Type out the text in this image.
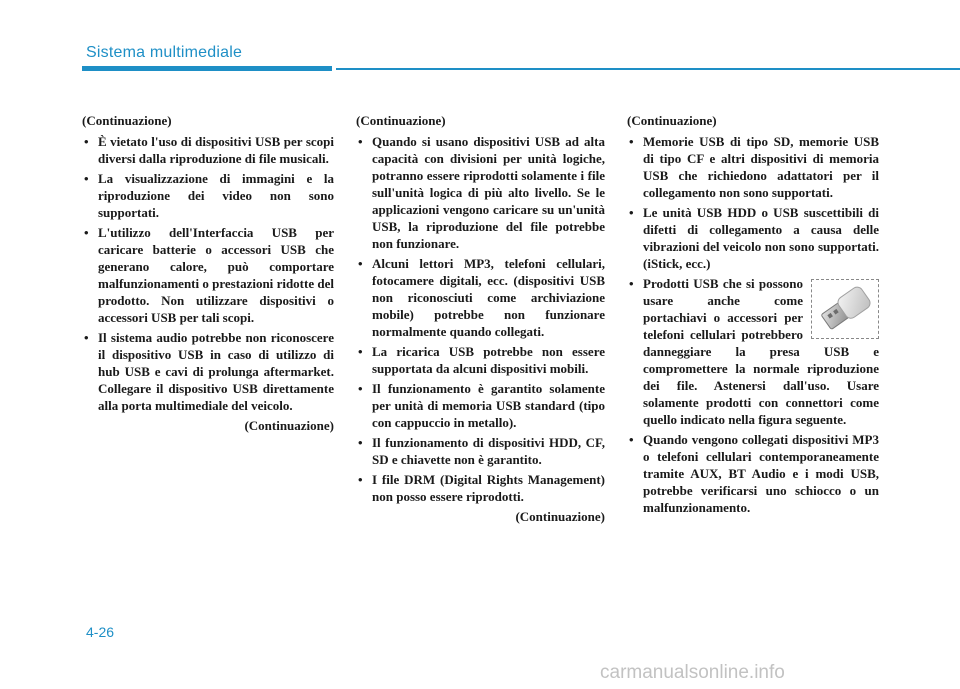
Sistema multimediale

(Continuazione)

• È vietato l'uso di dispositivi USB per scopi diversi dalla riproduzione di file musicali.
• La visualizzazione di immagini e la riproduzione dei video non sono supportati.
• L'utilizzo dell'Interfaccia USB per caricare batterie o accessori USB che generano calore, può comportare malfunzionamenti o prestazioni ridotte del prodotto. Non utilizzare dispositivi o accessori USB per tali scopi.
• Il sistema audio potrebbe non riconoscere il dispositivo USB in caso di utilizzo di hub USB e cavi di prolunga aftermarket. Collegare il dispositivo USB direttamente alla porta multimediale del veicolo.

(Continuazione)

(Continuazione)

• Quando si usano dispositivi USB ad alta capacità con divisioni per unità logiche, potranno essere riprodotti solamente i file sull'unità logica di più alto livello. Se le applicazioni vengono caricare su un'unità USB, la riproduzione del file potrebbe non funzionare.
• Alcuni lettori MP3, telefoni cellulari, fotocamere digitali, ecc. (dispositivi USB non riconosciuti come archiviazione mobile) potrebbe non funzionare normalmente quando collegati.
• La ricarica USB potrebbe non essere supportata da alcuni dispositivi mobili.
• Il funzionamento è garantito solamente per unità di memoria USB standard (tipo con cappuccio in metallo).
• Il funzionamento di dispositivi HDD, CF, SD e chiavette non è garantito.
• I file DRM (Digital Rights Management) non posso essere riprodotti.

(Continuazione)

(Continuazione)

• Memorie USB di tipo SD, memorie USB di tipo CF e altri dispositivi di memoria USB che richiedono adattatori per il collegamento non sono supportati.
• Le unità USB HDD o USB suscettibili di difetti di collegamento a causa delle vibrazioni del veicolo non sono supportati. (iStick, ecc.)
• Prodotti USB che si possono usare anche come portachiavi o accessori per telefoni cellulari potrebbero danneggiare la presa USB e compromettere la normale riproduzione dei file. Astenersi dall'uso. Usare solamente prodotti con connettori come quello indicato nella figura seguente.
• Quando vengono collegati dispositivi MP3 o telefoni cellulari contemporaneamente tramite AUX, BT Audio e i modi USB, potrebbe verificarsi uno schiocco o un malfunzionamento.
4-26
carmanualsonline.info
